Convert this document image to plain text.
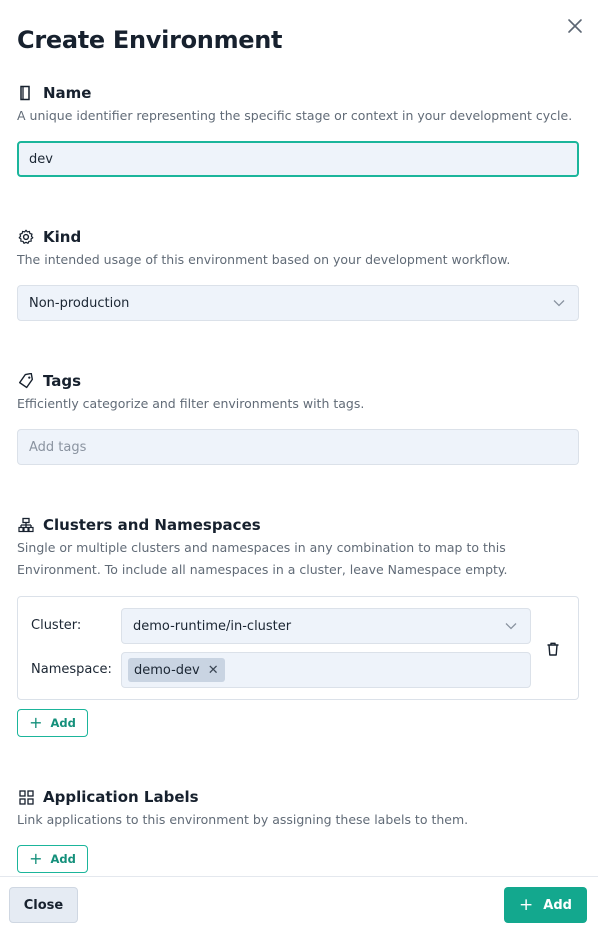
Create Environment
Name
A unique identifier representing the specific stage or context in your development cycle.
dev
Kind
The intended usage of this environment based on your development workflow.
Non-production
Tags
Efficiently categorize and filter environments with tags.
Add tags
Clusters and Namespaces
Single or multiple clusters and namespaces in any combination to map to this
Environment. To include all namespaces in a cluster, leave Namespace empty.
Cluster:	demo-runtime/in-cluster
Namespace: demo-dev ✕
+ Add
Application Labels
Link applications to this environment by assigning these labels to them.
+ Add
Close	+ Add
